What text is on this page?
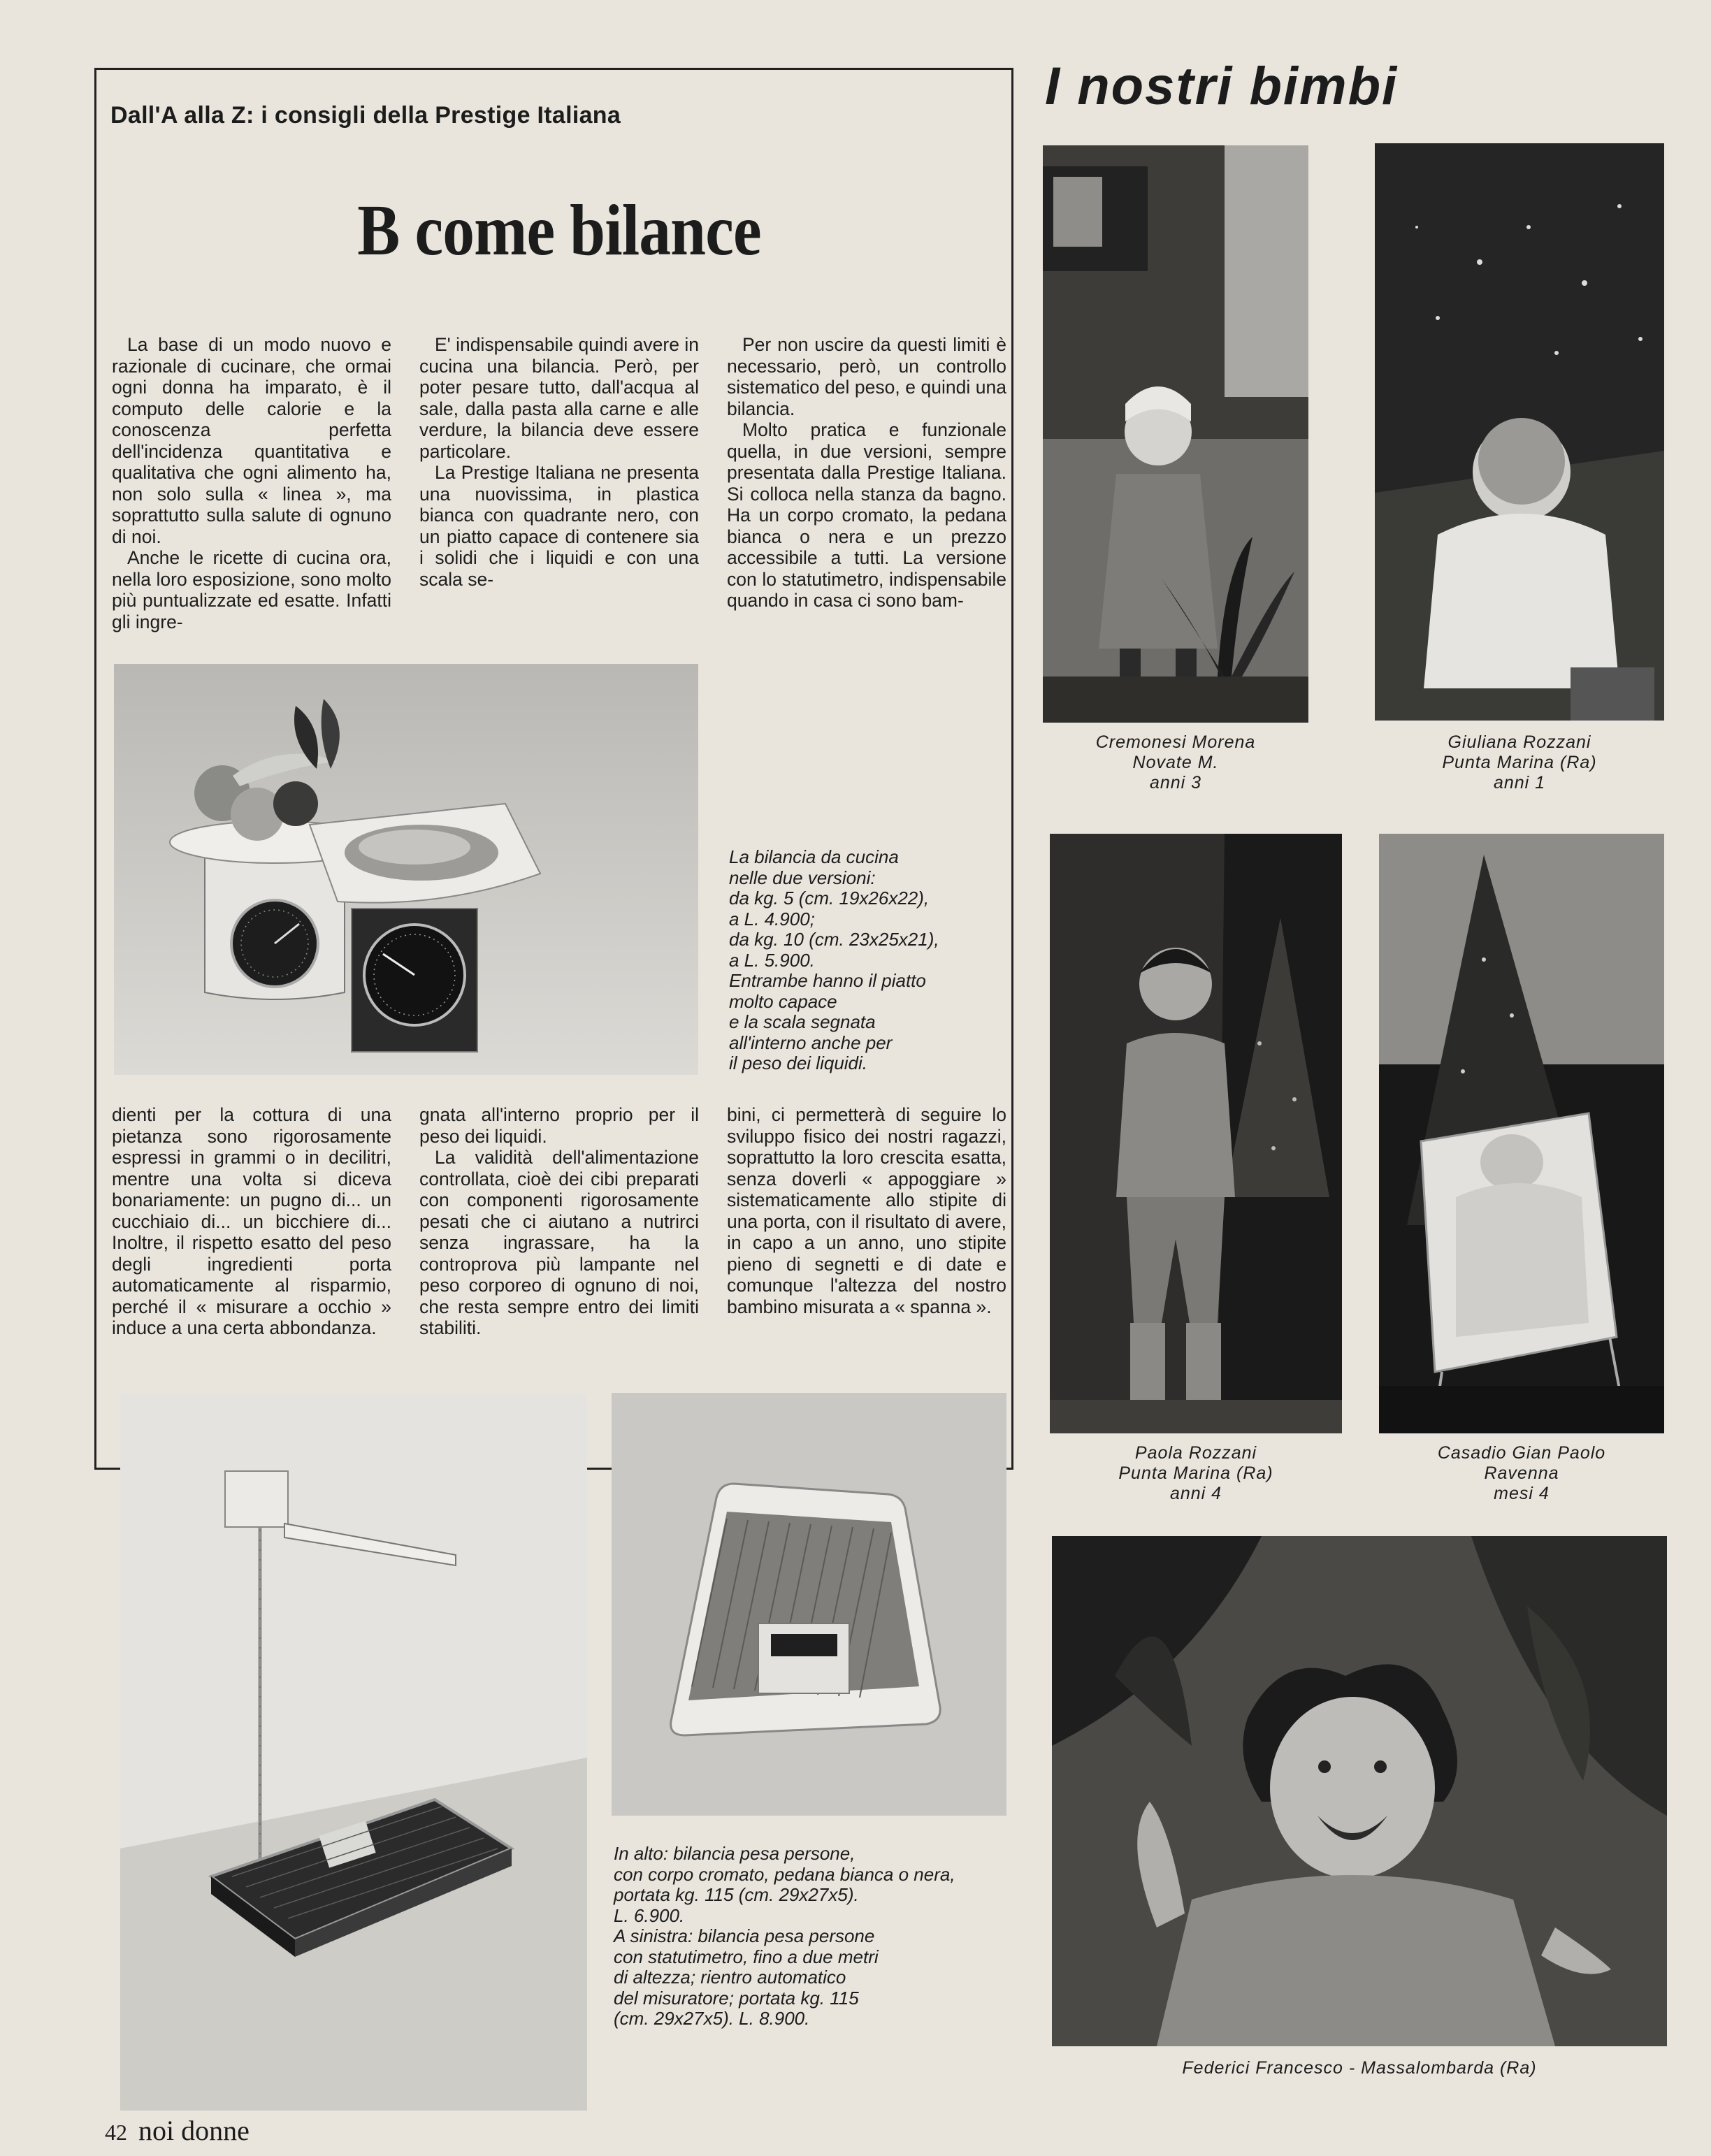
Dall'A alla Z: i consigli della Prestige Italiana
B come bilance

La base di un modo nuovo e razionale di cucinare, che ormai ogni donna ha imparato, è il computo delle calorie e la conoscenza perfetta dell'incidenza quantitativa e qualitativa che ogni alimento ha, non solo sulla « linea », ma soprattutto sulla salute di ognuno di noi.

Anche le ricette di cucina ora, nella loro esposizione, sono molto più puntualizzate ed esatte. Infatti gli ingre-

E' indispensabile quindi avere in cucina una bilancia. Però, per poter pesare tutto, dall'acqua al sale, dalla pasta alla carne e alle verdure, la bilancia deve essere particolare.

La Prestige Italiana ne presenta una nuovissima, in plastica bianca con quadrante nero, con un piatto capace di contenere sia i solidi che i liquidi e con una scala se-

Per non uscire da questi limiti è necessario, però, un controllo sistematico del peso, e quindi una bilancia.

Molto pratica e funzionale quella, in due versioni, sempre presentata dalla Prestige Italiana. Si colloca nella stanza da bagno. Ha un corpo cromato, la pedana bianca o nera e un prezzo accessibile a tutti. La versione con lo statutimetro, indispensabile quando in casa ci sono bam-

La bilancia da cucina
nelle due versioni:
da kg. 5 (cm. 19x26x22),
a L. 4.900;
da kg. 10 (cm. 23x25x21),
a L. 5.900.
Entrambe hanno il piatto
molto capace
e la scala segnata
all'interno anche per
il peso dei liquidi.

dienti per la cottura di una pietanza sono rigorosamente espressi in grammi o in decilitri, mentre una volta si diceva bonariamente: un pugno di... un cucchiaio di... un bicchiere di... Inoltre, il rispetto esatto del peso degli ingredienti porta automaticamente al risparmio, perché il « misurare a occhio » induce a una certa abbondanza.

gnata all'interno proprio per il peso dei liquidi.

La validità dell'alimentazione controllata, cioè dei cibi preparati con componenti rigorosamente pesati che ci aiutano a nutrirci senza ingrassare, ha la controprova più lampante nel peso corporeo di ognuno di noi, che resta sempre entro dei limiti stabiliti.

bini, ci permetterà di seguire lo sviluppo fisico dei nostri ragazzi, soprattutto la loro crescita esatta, senza doverli « appoggiare » sistematicamente allo stipite di una porta, con il risultato di avere, in capo a un anno, uno stipite pieno di segnetti e di date e comunque l'altezza del nostro bambino misurata a « spanna ».

In alto: bilancia pesa persone,
con corpo cromato, pedana bianca o nera,
portata kg. 115 (cm. 29x27x5).
L. 6.900.
A sinistra: bilancia pesa persone
con statutimetro, fino a due metri
di altezza; rientro automatico
del misuratore; portata kg. 115
(cm. 29x27x5). L. 8.900.
I nostri bimbi
Cremonesi Morena
Novate M.
anni 3
Giuliana Rozzani
Punta Marina (Ra)
anni 1
Paola Rozzani
Punta Marina (Ra)
anni 4
Casadio Gian Paolo
Ravenna
mesi 4
Federici Francesco - Massalombarda (Ra)
42 noi donne
